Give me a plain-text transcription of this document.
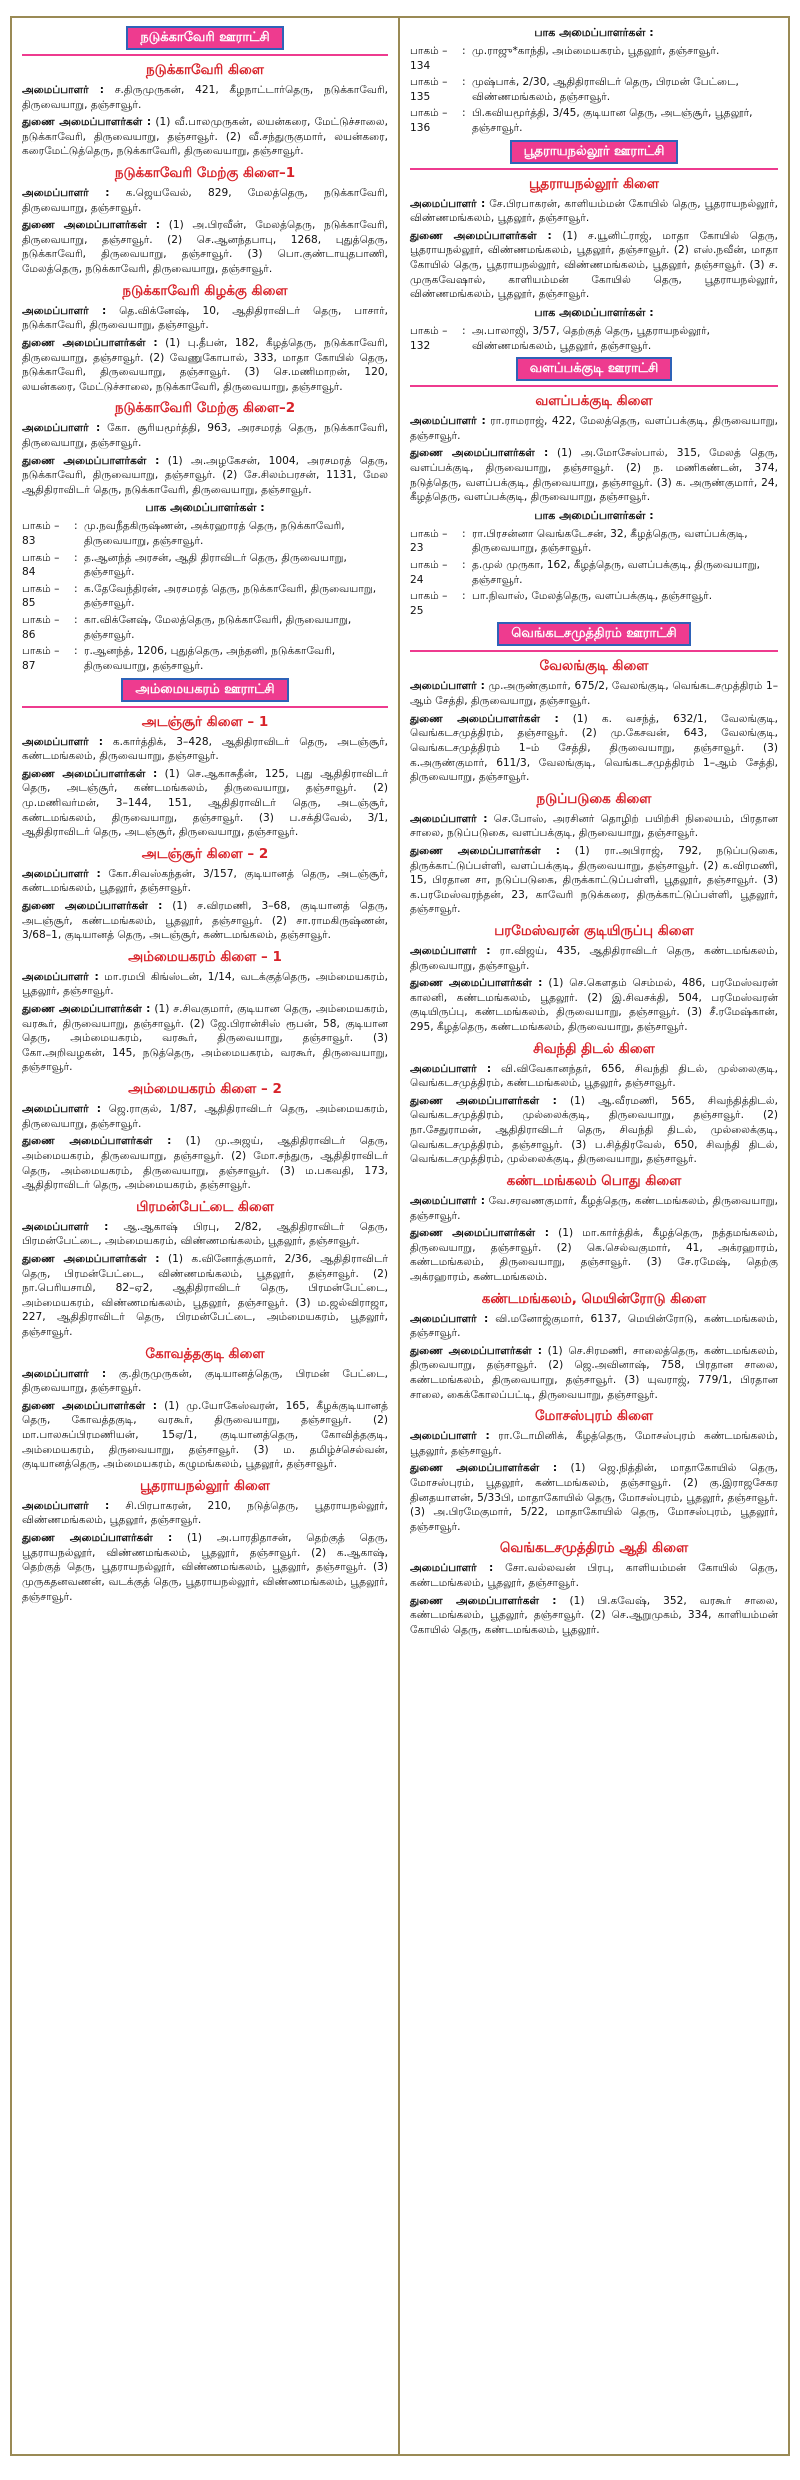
நடுக்காவேரி ஊராட்சி
நடுக்காவேரி கிளை
அமைப்பாளர் : ச.திருமுருகன், 421, கீழநாட்டார்தெரு, நடுக்காவேரி, திருவையாறு, தஞ்சாவூர்.
துணை அமைப்பாளர்கள் : (1) வீ.பாலமுருகன், லயன்கரை, மேட்டுச்சாலை, நடுக்காவேரி, திருவையாறு, தஞ்சாவூர். (2) வீ.சந்துருகுமார், லயன்கரை, கரைமேட்டுத்தெரு, நடுக்காவேரி, திருவையாறு, தஞ்சாவூர்.
நடுக்காவேரி மேற்கு கிளை–1
அமைப்பாளர் : க.ஜெயவேல், 829, மேலத்தெரு, நடுக்காவேரி, திருவையாறு, தஞ்சாவூர்.
துணை அமைப்பாளர்கள் : (1) அ.பிரவீன், மேலத்தெரு, நடுக்காவேரி, திருவையாறு, தஞ்சாவூர். (2) செ.ஆனந்தபாபு, 1268, புதுத்தெரு, நடுக்காவேரி, திருவையாறு, தஞ்சாவூர். (3) பொ.குண்டாயுதபாணி, மேலத்தெரு, நடுக்காவேரி, திருவையாறு, தஞ்சாவூர்.
நடுக்காவேரி கிழக்கு கிளை
அமைப்பாளர் : தெ.விக்னேஷ், 10, ஆதிதிராவிடர் தெரு, பாசார், நடுக்காவேரி, திருவையாறு, தஞ்சாவூர்.
துணை அமைப்பாளர்கள் : (1) பு.தீபன், 182, கீழத்தெரு, நடுக்காவேரி, திருவையாறு, தஞ்சாவூர். (2) வேணுகோபால், 333, மாதா கோயில் தெரு, நடுக்காவேரி, திருவையாறு, தஞ்சாவூர். (3) செ.மணிமாறன், 120, லயன்கரை, மேட்டுச்சாலை, நடுக்காவேரி, திருவையாறு, தஞ்சாவூர்.
நடுக்காவேரி மேற்கு கிளை–2
அமைப்பாளர் : கோ. சூரியமூர்த்தி, 963, அரசமரத் தெரு, நடுக்காவேரி, திருவையாறு, தஞ்சாவூர்.
துணை அமைப்பாளர்கள் : (1) அ.அழகேசன், 1004, அரசமரத் தெரு, நடுக்காவேரி, திருவையாறு, தஞ்சாவூர். (2) சே.சிலம்பரசன், 1131, மேல ஆதிதிராவிடர் தெரு, நடுக்காவேரி, திருவையாறு, தஞ்சாவூர்.
பாக அமைப்பாளர்கள் :
பாகம் – 83
: மு.நவநீதகிருஷ்ணன், அக்ரஹாரத் தெரு, நடுக்காவேரி, திருவையாறு, தஞ்சாவூர்.
பாகம் – 84
: த.ஆனந்த் அரசன், ஆதி திராவிடர் தெரு, திருவையாறு, தஞ்சாவூர்.
பாகம் – 85
: க.தேவேந்திரன், அரசமரத் தெரு, நடுக்காவேரி, திருவையாறு, தஞ்சாவூர்.
பாகம் – 86
: கா.விக்னேஷ், மேலத்தெரு, நடுக்காவேரி, திருவையாறு, தஞ்சாவூர்.
பாகம் – 87
: ர.ஆனந்த், 1206, புதுத்தெரு, அந்தனி, நடுக்காவேரி, திருவையாறு, தஞ்சாவூர்.
அம்மையகரம் ஊராட்சி
அடஞ்சூர் கிளை – 1
அமைப்பாளர் : க.கார்த்திக், 3–428, ஆதிதிராவிடர் தெரு, அடஞ்சூர், கண்டமங்கலம், திருவையாறு, தஞ்சாவூர்.
துணை அமைப்பாளர்கள் : (1) செ.ஆகாசுதீன், 125, புது ஆதிதிராவிடர் தெரு, அடஞ்சூர், கண்டமங்கலம், திருவையாறு, தஞ்சாவூர். (2) மு.மணிவர்மன், 3–144, 151, ஆதிதிராவிடர் தெரு, அடஞ்சூர், கண்டமங்கலம், திருவையாறு, தஞ்சாவூர். (3) ப.சக்திவேல், 3/1, ஆதிதிராவிடர் தெரு, அடஞ்சூர், திருவையாறு, தஞ்சாவூர்.
அடஞ்சூர் கிளை – 2
அமைப்பாளர் : கோ.சிவஸ்கந்தன், 3/157, குடியானத் தெரு, அடஞ்சூர், கண்டமங்கலம், பூதலூர், தஞ்சாவூர்.
துணை அமைப்பாளர்கள் : (1) ச.விரமணி, 3–68, குடியானத் தெரு, அடஞ்சூர், கண்டமங்கலம், பூதலூர், தஞ்சாவூர். (2) சா.ராமகிருஷ்ணன், 3/68–1, குடியானத் தெரு, அடஞ்சூர், கண்டமங்கலம், தஞ்சாவூர்.
அம்மையகரம் கிளை – 1
அமைப்பாளர் : மா.ரமபி கிங்ஸ்டன், 1/14, வடக்குத்தெரு, அம்மையகரம், பூதலூர், தஞ்சாவூர்.
துணை அமைப்பாளர்கள் : (1) ச.சிவகுமார், குடியான தெரு, அம்மையகரம், வரகூர், திருவையாறு, தஞ்சாவூர். (2) ஜே.பிரான்சிஸ் ரூபன், 58, குடியான தெரு, அம்மையகரம், வரகூர், திருவையாறு, தஞ்சாவூர். (3) கோ.அறிவழகன், 145, நடுத்தெரு, அம்மையகரம், வரகூர், திருவையாறு, தஞ்சாவூர்.
அம்மையகரம் கிளை – 2
அமைப்பாளர் : ஜெ.ராகுல், 1/87, ஆதிதிராவிடர் தெரு, அம்மையகரம், திருவையாறு, தஞ்சாவூர்.
துணை அமைப்பாளர்கள் : (1) மு.அஜய், ஆதிதிராவிடர் தெரு, அம்மையகரம், திருவையாறு, தஞ்சாவூர். (2) மோ.சந்துரு, ஆதிதிராவிடர் தெரு, அம்மையகரம், திருவையாறு, தஞ்சாவூர். (3) ம.பகவதி, 173, ஆதிதிராவிடர் தெரு, அம்மையகரம், தஞ்சாவூர்.
பிரமன்பேட்டை கிளை
அமைப்பாளர் : ஆ.ஆகாஷ் பிரபு, 2/82, ஆதிதிராவிடர் தெரு, பிரமன்பேட்டை, அம்மையகரம், விண்ணமங்கலம், பூதலூர், தஞ்சாவூர்.
துணை அமைப்பாளர்கள் : (1) க.வினோத்குமார், 2/36, ஆதிதிராவிடர் தெரு, பிரமன்பேட்டை, விண்ணமங்கலம், பூதலூர், தஞ்சாவூர். (2) நா.பெரியசாமி, 82–ஏ2, ஆதிதிராவிடர் தெரு, பிரமன்பேட்டை, அம்மையகரம், விண்ணமங்கலம், பூதலூர், தஞ்சாவூர். (3) ம.ஜல்விராஜா, 227, ஆதிதிராவிடர் தெரு, பிரமன்பேட்டை, அம்மையகரம், பூதலூர், தஞ்சாவூர்.
கோவத்தகுடி கிளை
அமைப்பாளர் : கு.திருமுருகன், குடியானத்தெரு, பிரமன் பேட்டை, திருவையாறு, தஞ்சாவூர்.
துணை அமைப்பாளர்கள் : (1) மு.யோகேஸ்வரன், 165, கீழக்குடியானத் தெரு, கோவத்தகுடி, வரகூர், திருவையாறு, தஞ்சாவூர். (2) மா.பாலசுப்பிரமணியன், 15ஏ/1, குடியானத்தெரு, கோவித்தகுடி, அம்மையகரம், திருவையாறு, தஞ்சாவூர். (3) ம. தமிழ்ச்செல்வன், குடியானத்தெரு, அம்மையகரம், கழுமங்கலம், பூதலூர், தஞ்சாவூர்.
பூதராயநல்லூர் கிளை
அமைப்பாளர் : சி.பிரபாகரன், 210, நடுத்தெரு, பூதராயநல்லூர், விண்ணமங்கலம், பூதலூர், தஞ்சாவூர்.
துணை அமைப்பாளர்கள் : (1) அ.பாரதிதாசன், தெற்குத் தெரு, பூதராயநல்லூர், விண்ணமங்கலம், பூதலூர், தஞ்சாவூர். (2) க.ஆகாஷ், தெற்குத் தெரு, பூதராயநல்லூர், விண்ணமங்கலம், பூதலூர், தஞ்சாவூர். (3) முருகதனவணன், வடக்குத் தெரு, பூதராயநல்லூர், விண்ணமங்கலம், பூதலூர், தஞ்சாவூர்.
பாக அமைப்பாளர்கள் :
பாகம் – 134
: மு.ராஜு*காந்தி, அம்மையகரம், பூதலூர், தஞ்சாவூர்.
பாகம் – 135
: முஷ்பாக், 2/30, ஆதிதிராவிடர் தெரு, பிரமன் பேட்டை, விண்ணமங்கலம், தஞ்சாவூர்.
பாகம் – 136
: பி.கவியமூர்த்தி, 3/45, குடியான தெரு, அடஞ்சூர், பூதலூர், தஞ்சாவூர்.
பூதராயநல்லூர் ஊராட்சி
பூதராயநல்லூர் கிளை
அமைப்பாளர் : சே.பிரபாகரன், காளியம்மன் கோயில் தெரு, பூதராயநல்லூர், விண்ணமங்கலம், பூதலூர், தஞ்சாவூர்.
துணை அமைப்பாளர்கள் : (1) ச.யூனிட்ராஜ், மாதா கோயில் தெரு, பூதராயநல்லூர், விண்ணமங்கலம், பூதலூர், தஞ்சாவூர். (2) எஸ்.நவீன், மாதா கோயில் தெரு, பூதராயநல்லூர், விண்ணமங்கலம், பூதலூர், தஞ்சாவூர். (3) ச. முருகவேஷால், காளியம்மன் கோயில் தெரு, பூதராயநல்லூர், விண்ணமங்கலம், பூதலூர், தஞ்சாவூர்.
பாக அமைப்பாளர்கள் :
பாகம் – 132
: அ.பாலாஜி, 3/57, தெற்குத் தெரு, பூதராயநல்லூர், விண்ணமங்கலம், பூதலூர், தஞ்சாவூர்.
வளப்பக்குடி ஊராட்சி
வளப்பக்குடி கிளை
அமைப்பாளர் : ரா.ராமராஜ், 422, மேலத்தெரு, வளப்பக்குடி, திருவையாறு, தஞ்சாவூர்.
துணை அமைப்பாளர்கள் : (1) அ.மோசேஸ்பால், 315, மேலத் தெரு, வளப்பக்குடி, திருவையாறு, தஞ்சாவூர். (2) ந. மணிகண்டன், 374, நடுத்தெரு, வளப்பக்குடி, திருவையாறு, தஞ்சாவூர். (3) க. அருண்குமார், 24, கீழத்தெரு, வளப்பக்குடி, திருவையாறு, தஞ்சாவூர்.
பாக அமைப்பாளர்கள் :
பாகம் – 23
: ரா.பிரசன்னா வெங்கடேசன், 32, கீழத்தெரு, வளப்பக்குடி, திருவையாறு, தஞ்சாவூர்.
பாகம் – 24
: த.முல் முருகா, 162, கீழத்தெரு, வளப்பக்குடி, திருவையாறு, தஞ்சாவூர்.
பாகம் – 25
: பா.நிவாஸ், மேலத்தெரு, வளப்பக்குடி, தஞ்சாவூர்.
வெங்கடசமுத்திரம் ஊராட்சி
வேலங்குடி கிளை
அமைப்பாளர் : மு.அருண்குமார், 675/2, வேலங்குடி, வெங்கடசமுத்திரம் 1–ஆம் சேத்தி, திருவையாறு, தஞ்சாவூர்.
துணை அமைப்பாளர்கள் : (1) க. வசந்த், 632/1, வேலங்குடி, வெங்கடசமுத்திரம், தஞ்சாவூர். (2) மு.கேசவன், 643, வேலங்குடி, வெங்கடசமுத்திரம் 1–ம் சேத்தி, திருவையாறு, தஞ்சாவூர். (3) க.அருண்குமார், 611/3, வேலங்குடி, வெங்கடசமுத்திரம் 1–ஆம் சேத்தி, திருவையாறு, தஞ்சாவூர்.
நடுப்படுகை கிளை
அமைப்பாளர் : செ.போஸ், அரசினர் தொழிற் பயிற்சி நிலையம், பிரதான சாலை, நடுப்படுகை, வளப்பக்குடி, திருவையாறு, தஞ்சாவூர்.
துணை அமைப்பாளர்கள் : (1) ரா.அபிராஜ், 792, நடுப்படுகை, திருக்காட்டுப்பள்ளி, வளப்பக்குடி, திருவையாறு, தஞ்சாவூர். (2) க.விரமணி, 15, பிரதான சா, நடுப்படுகை, திருக்காட்டுப்பள்ளி, பூதலூர், தஞ்சாவூர். (3) க.பரமேஸ்வரந்தன், 23, காவேரி நடுக்கரை, திருக்காட்டுப்பள்ளி, பூதலூர், தஞ்சாவூர்.
பரமேஸ்வரன் குடியிருப்பு கிளை
அமைப்பாளர் : ரா.விஜய், 435, ஆதிதிராவிடர் தெரு, கண்டமங்கலம், திருவையாறு, தஞ்சாவூர்.
துணை அமைப்பாளர்கள் : (1) செ.கௌதம் செம்மல், 486, பரமேஸ்வரன் காலனி, கண்டமங்கலம், பூதலூர். (2) இ.சிவசக்தி, 504, பரமேஸ்வரன் குடியிருப்பு, கண்டமங்கலம், திருவையாறு, தஞ்சாவூர். (3) சீ.ரமேஷ்கான், 295, கீழத்தெரு, கண்டமங்கலம், திருவையாறு, தஞ்சாவூர்.
சிவந்தி திடல் கிளை
அமைப்பாளர் : வி.விவேகானந்தர், 656, சிவந்தி திடல், முல்லைகுடி, வெங்கடசமுத்திரம், கண்டமங்கலம், பூதலூர், தஞ்சாவூர்.
துணை அமைப்பாளர்கள் : (1) ஆ.வீரமணி, 565, சிவந்தித்திடல், வெங்கடசமுத்திரம், முல்லைக்குடி, திருவையாறு, தஞ்சாவூர். (2) நா.சேதுராமன், ஆதிதிராவிடர் தெரு, சிவந்தி திடல், முல்லைக்குடி, வெங்கடசமுத்திரம், தஞ்சாவூர். (3) ப.சித்திரவேல், 650, சிவந்தி திடல், வெங்கடசமுத்திரம், முல்லைக்குடி, திருவையாறு, தஞ்சாவூர்.
கண்டமங்கலம் பொது கிளை
அமைப்பாளர் : வே.சரவணகுமார், கீழத்தெரு, கண்டமங்கலம், திருவையாறு, தஞ்சாவூர்.
துணை அமைப்பாளர்கள் : (1) மா.கார்த்திக், கீழத்தெரு, நத்தமங்கலம், திருவையாறு, தஞ்சாவூர். (2) கெ.செல்வகுமார், 41, அக்ரஹாரம், கண்டமங்கலம், திருவையாறு, தஞ்சாவூர். (3) சே.ரமேஷ், தெற்கு அக்ரஹாரம், கண்டமங்கலம்.
கண்டமங்கலம், மெயின்ரோடு கிளை
அமைப்பாளர் : வி.மனோஜ்குமார், 6137, மெயின்ரோடு, கண்டமங்கலம், தஞ்சாவூர்.
துணை அமைப்பாளர்கள் : (1) செ.சிரமணி, சாலைத்தெரு, கண்டமங்கலம், திருவையாறு, தஞ்சாவூர். (2) ஜெ.அவினாஷ், 758, பிரதான சாலை, கண்டமங்கலம், திருவையாறு, தஞ்சாவூர். (3) யுவராஜ், 779/1, பிரதான சாலை, கைக்கோலப்பட்டி, திருவையாறு, தஞ்சாவூர்.
மோசஸ்புரம் கிளை
அமைப்பாளர் : ரா.டோமினிக், கீழத்தெரு, மோசஸ்புரம் கண்டமங்கலம், பூதலூர், தஞ்சாவூர்.
துணை அமைப்பாளர்கள் : (1) ஜெ.நித்தின், மாதாகோயில் தெரு, மோசஸ்புரம், பூதலூர், கண்டமங்கலம், தஞ்சாவூர். (2) கு.இராஜசேகர தினதயாளன், 5/33பி, மாதாகோயில் தெரு, மோசஸ்புரம், பூதலூர், தஞ்சாவூர். (3) அ.பிரமேகுமார், 5/22, மாதாகோயில் தெரு, மோசஸ்புரம், பூதலூர், தஞ்சாவூர்.
வெங்கடசமுத்திரம் ஆதி கிளை
அமைப்பாளர் : சோ.வல்லவன் பிரபு, காளியம்மன் கோயில் தெரு, கண்டமங்கலம், பூதலூர், தஞ்சாவூர்.
துணை அமைப்பாளர்கள் : (1) பி.கவேஷ், 352, வரகூர் சாலை, கண்டமங்கலம், பூதலூர், தஞ்சாவூர். (2) செ.ஆறுமுகம், 334, காளியம்மன் கோயில் தெரு, கண்டமங்கலம், பூதலூர்.
